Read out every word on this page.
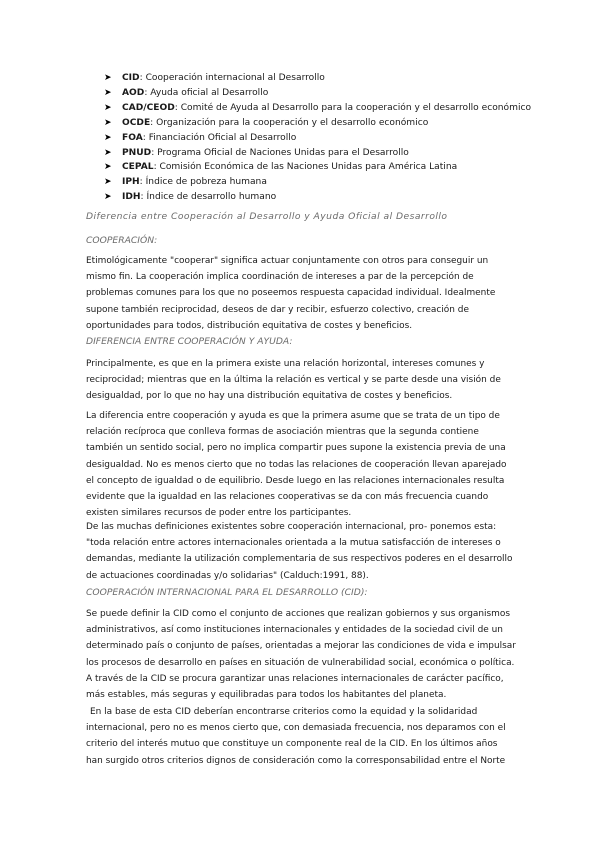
➤ CID: Cooperación internacional al Desarrollo
➤ AOD: Ayuda oficial al Desarrollo
➤ CAD/CEOD: Comité de Ayuda al Desarrollo para la cooperación y el desarrollo económico
➤ OCDE: Organización para la cooperación y el desarrollo económico
➤ FOA: Financiación Oficial al Desarrollo
➤ PNUD: Programa Oficial de Naciones Unidas para el Desarrollo
➤ CEPAL: Comisión Económica de las Naciones Unidas para América Latina
➤ IPH: Índice de pobreza humana
➤ IDH: Índice de desarrollo humano
Diferencia entre Cooperación al Desarrollo y Ayuda Oficial al Desarrollo
COOPERACIÓN:

Etimológicamente "cooperar" significa actuar conjuntamente con otros para conseguir un mismo fin. La cooperación implica coordinación de intereses a par de la percepción de problemas comunes para los que no poseemos respuesta capacidad individual. Idealmente supone también reciprocidad, deseos de dar y recibir, esfuerzo colectivo, creación de oportunidades para todos, distribución equitativa de costes y beneficios.

DIFERENCIA ENTRE COOPERACIÓN Y AYUDA:

Principalmente, es que en la primera existe una relación horizontal, intereses comunes y reciprocidad; mientras que en la última la relación es vertical y se parte desde una visión de desigualdad, por lo que no hay una distribución equitativa de costes y beneficios.

La diferencia entre cooperación y ayuda es que la primera asume que se trata de un tipo de relación recíproca que conlleva formas de asociación mientras que la segunda contiene también un sentido social, pero no implica compartir pues supone la existencia previa de una desigualdad. No es menos cierto que no todas las relaciones de cooperación llevan aparejado el concepto de igualdad o de equilibrio. Desde luego en las relaciones internacionales resulta evidente que la igualdad en las relaciones cooperativas se da con más frecuencia cuando existen similares recursos de poder entre los participantes.

De las muchas definiciones existentes sobre cooperación internacional, pro- ponemos esta: "toda relación entre actores internacionales orientada a la mutua satisfacción de intereses o demandas, mediante la utilización complementaria de sus respectivos poderes en el desarrollo de actuaciones coordinadas y/o solidarias" (Calduch:1991, 88).

COOPERACIÓN INTERNACIONAL PARA EL DESARROLLO (CID):

Se puede definir la CID como el conjunto de acciones que realizan gobiernos y sus organismos administrativos, así como instituciones internacionales y entidades de la sociedad civil de un determinado país o conjunto de países, orientadas a mejorar las condiciones de vida e impulsar los procesos de desarrollo en países en situación de vulnerabilidad social, económica o política. A través de la CID se procura garantizar unas relaciones internacionales de carácter pacífico, más estables, más seguras y equilibradas para todos los habitantes del planeta.

En la base de esta CID deberían encontrarse criterios como la equidad y la solidaridad internacional, pero no es menos cierto que, con demasiada frecuencia, nos deparamos con el criterio del interés mutuo que constituye un componente real de la CID. En los últimos años han surgido otros criterios dignos de consideración como la corresponsabilidad entre el Norte
